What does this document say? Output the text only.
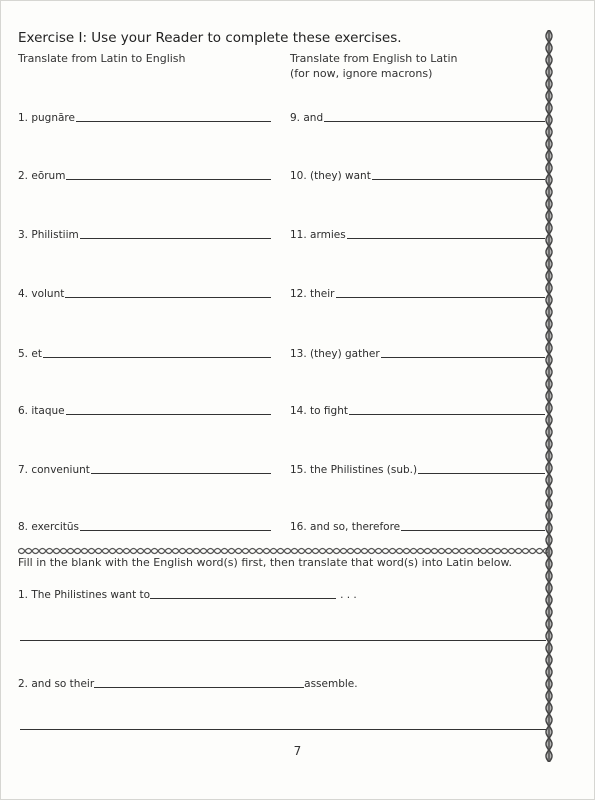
Exercise I: Use your Reader to complete these exercises.
Translate from Latin to English	Translate from English to Latin
(for now, ignore macrons)
1. pugnāre
2. eōrum
3. Philistiim
4. volunt
5. et
6. itaque
7. conveniunt
8. exercitūs
9. and
10. (they) want
11. armies
12. their
13. (they) gather
14. to fight
15. the Philistines (sub.)
16. and so, therefore
Fill in the blank with the English word(s) first, then translate that word(s) into Latin below.
1. The Philistines want to	. . .
2. and so their	assemble.
7
